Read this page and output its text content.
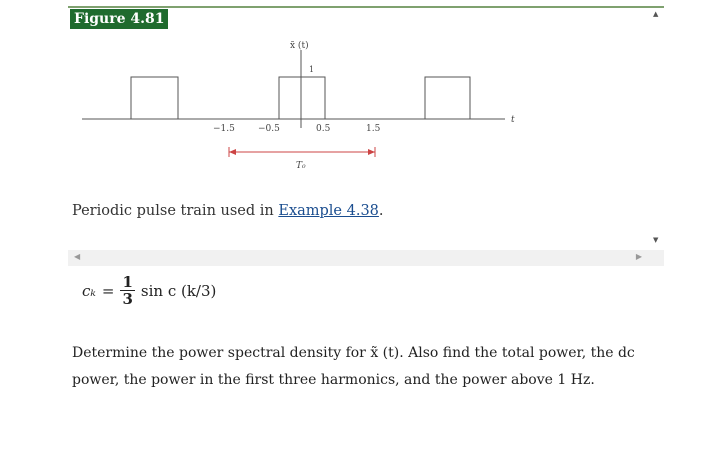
Figure 4.81
x̃ (t)
1
t
−1.5	−0.5	0.5	1.5
T₀
▲
▼
Periodic pulse train used in Example 4.38.
◀	▶
$c_k = \frac{1}{3}$ sin c (k/3)
Determine the power spectral density for x̃ (t). Also find the total power, the dc power, the power in the first three harmonics, and the power above 1 Hz.
